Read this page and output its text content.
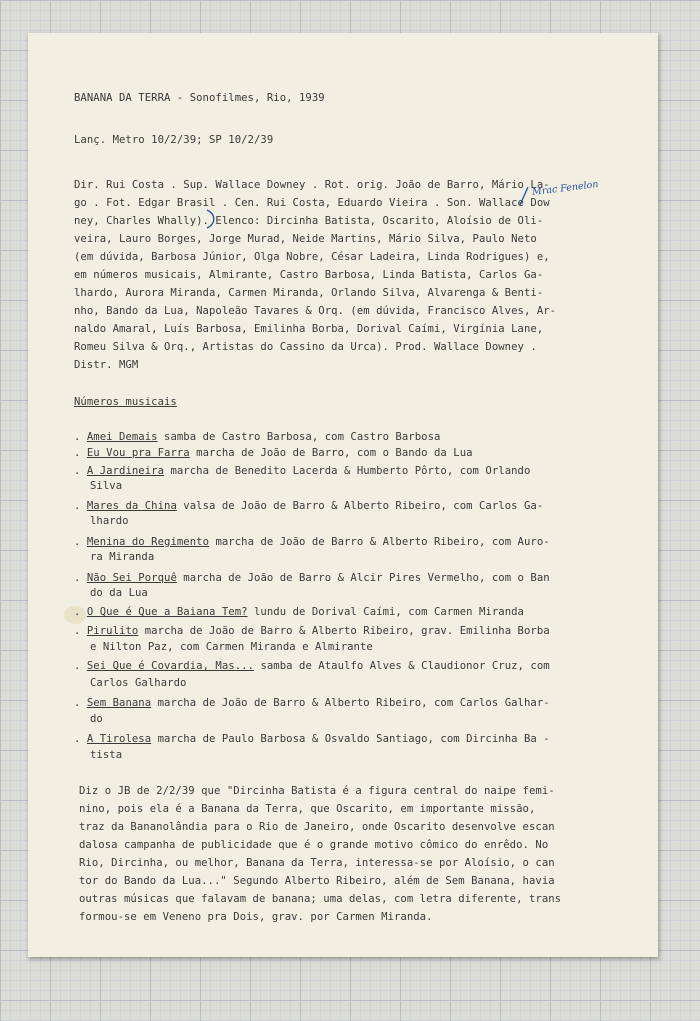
BANANA DA TERRA - Sonofilmes, Rio, 1939
Lanç. Metro 10/2/39; SP 10/2/39
Dir. Rui Costa . Sup. Wallace Downey . Rot. orig. João de Barro, Mário La-
go . Fot. Edgar Brasil . Cen. Rui Costa, Eduardo Vieira . Son. Wallace Dow
ney, Charles Whally). Elenco: Dircinha Batista, Oscarito, Aloísio de Oli-
veira, Lauro Borges, Jorge Murad, Neide Martins, Mário Silva, Paulo Neto
(em dúvida, Barbosa Júnior, Olga Nobre, César Ladeira, Linda Rodrigues) e,
em números musicais, Almirante, Castro Barbosa, Linda Batista, Carlos Ga-
lhardo, Aurora Miranda, Carmen Miranda, Orlando Silva, Alvarenga & Benti-
nho, Bando da Lua, Napoleão Tavares & Orq. (em dúvida, Francisco Alves, Ar-
naldo Amaral, Luís Barbosa, Emilinha Borba, Dorival Caími, Virgínia Lane,
Romeu Silva & Orq., Artistas do Cassino da Urca). Prod. Wallace Downey .
Distr. MGM
Mrac Fenelon
Números musicais
. Amei Demais samba de Castro Barbosa, com Castro Barbosa
. Eu Vou pra Farra marcha de João de Barro, com o Bando da Lua
. A Jardineira marcha de Benedito Lacerda & Humberto Pôrto, com Orlando
Silva
. Mares da China valsa de João de Barro & Alberto Ribeiro, com Carlos Ga-
lhardo
. Menina do Regimento marcha de João de Barro & Alberto Ribeiro, com Auro-
ra Miranda
. Não Sei Porquê marcha de João de Barro & Alcir Pires Vermelho, com o Ban
do da Lua
. O Que é Que a Baiana Tem? lundu de Dorival Caími, com Carmen Miranda
. Pirulito marcha de João de Barro & Alberto Ribeiro, grav. Emilinha Borba
e Nilton Paz, com Carmen Miranda e Almirante
. Sei Que é Covardia, Mas... samba de Ataulfo Alves & Claudionor Cruz, com
Carlos Galhardo
. Sem Banana marcha de João de Barro & Alberto Ribeiro, com Carlos Galhar-
do
. A Tirolesa marcha de Paulo Barbosa & Osvaldo Santiago, com Dircinha Ba -
tista
Diz o JB de 2/2/39 que "Dircinha Batista é a figura central do naipe femi-
nino, pois ela é a Banana da Terra, que Oscarito, em importante missão,
traz da Bananolândia para o Rio de Janeiro, onde Oscarito desenvolve escan
dalosa campanha de publicidade que é o grande motivo cômico do enrêdo. No
Rio, Dircinha, ou melhor, Banana da Terra, interessa-se por Aloísio, o can
tor do Bando da Lua..." Segundo Alberto Ribeiro, além de Sem Banana, havia
outras músicas que falavam de banana; uma delas, com letra diferente, trans
formou-se em Veneno pra Dois, grav. por Carmen Miranda.
